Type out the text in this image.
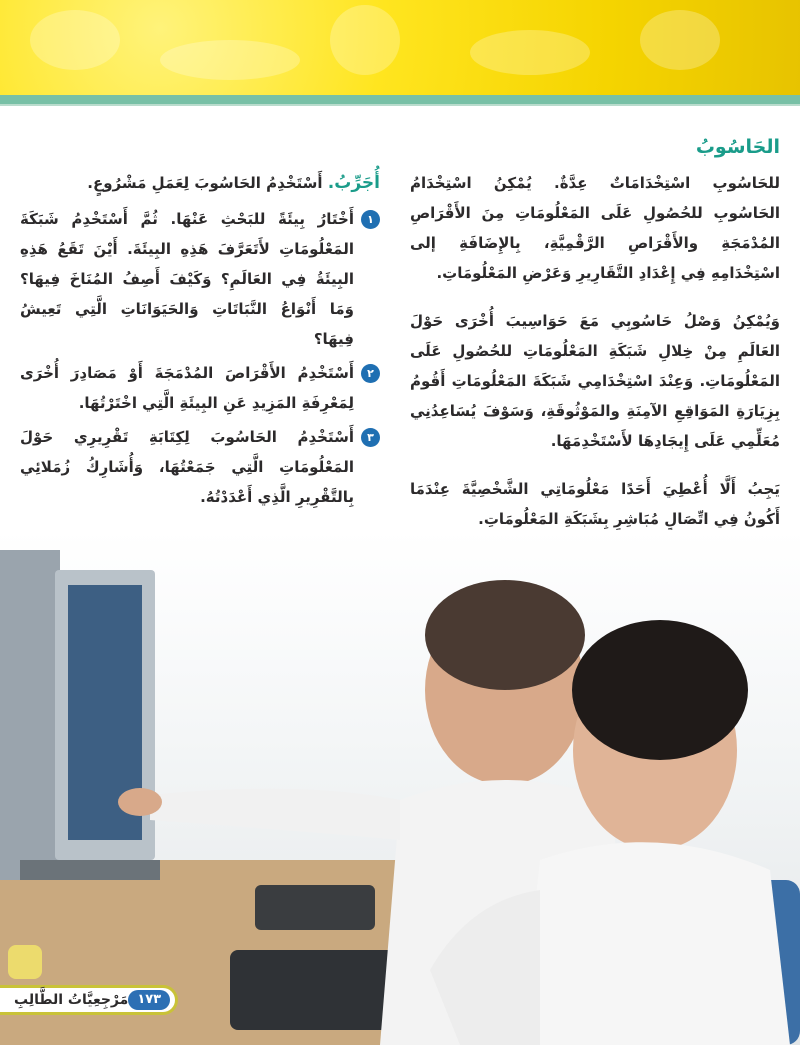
الحَاسُوبُ

للحَاسُوبِ اسْتِخْدَامَاتٌ عِدَّةٌ. يُمْكِنُ اسْتِخْدَامُ الحَاسُوبِ للحُصُولِ عَلَى المَعْلُومَاتِ مِنَ الأَقْرَاصِ المُدْمَجَةِ والأَقْرَاصِ الرَّقْمِيَّةِ، بِالإِضَافَةِ إلى اسْتِخْدَامِهِ فِي إِعْدَادِ التَّقَارِيرِ وَعَرْضِ المَعْلُومَاتِ.

وَيُمْكِنُ وَصْلُ حَاسُوبِي مَعَ حَوَاسِيبَ أُخْرَى حَوْلَ العَالَمِ مِنْ خِلالِ شَبَكَةِ المَعْلُومَاتِ للحُصُولِ عَلَى المَعْلُومَاتِ. وَعِنْدَ اسْتِخْدَامِي شَبَكَةَ المَعْلُومَاتِ أَقُومُ بِزِيَارَةِ المَوَاقِعِ الآمِنَةِ والمَوْثُوقَةِ، وَسَوْفَ يُسَاعِدُنِي مُعَلِّمِي عَلَى إِيجَادِهَا لأَسْتَخْدِمَهَا.

يَجِبُ أَلَّا أُعْطِيَ أَحَدًا مَعْلُومَاتِي الشَّخْصِيَّةَ عِنْدَمَا أَكُونُ فِي اتِّصَالٍ مُبَاشِرٍ بِشَبَكَةِ المَعْلُومَاتِ.

أُجَرِّبُ. أَسْتَخْدِمُ الحَاسُوبَ لِعَمَلِ مَشْرُوعٍ.
١
أَخْتَارُ بِيئَةً للبَحْثِ عَنْهَا. ثُمَّ أَسْتَخْدِمُ شَبَكَةَ المَعْلُومَاتِ لأَتَعَرَّفَ هَذِهِ البِيئَةَ. أَيْنَ تَقَعُ هَذِهِ البِيئَةُ فِي العَالَمِ؟ وَكَيْفَ أَصِفُ المُنَاخَ فِيهَا؟ وَمَا أَنْوَاعُ النَّبَاتَاتِ وَالحَيَوَانَاتِ الَّتِي تَعِيشُ فِيهَا؟
٢
أَسْتَخْدِمُ الأَقْرَاصَ المُدْمَجَةَ أَوْ مَصَادِرَ أُخْرَى لِمَعْرِفَةِ المَزِيدِ عَنِ البِيئَةِ الَّتِي اخْتَرْتُهَا.
٣
أَسْتَخْدِمُ الحَاسُوبَ لِكِتَابَةِ تَقْرِيرِي حَوْلَ المَعْلُومَاتِ الَّتِي جَمَعْتُهَا، وَأُشَارِكُ زُمَلائِي بِالتَّقْرِيرِ الَّذِي أَعْدَدْتُهُ.
١٧٣
مَرْجِعِيَّاتُ الطَّالِبِ
